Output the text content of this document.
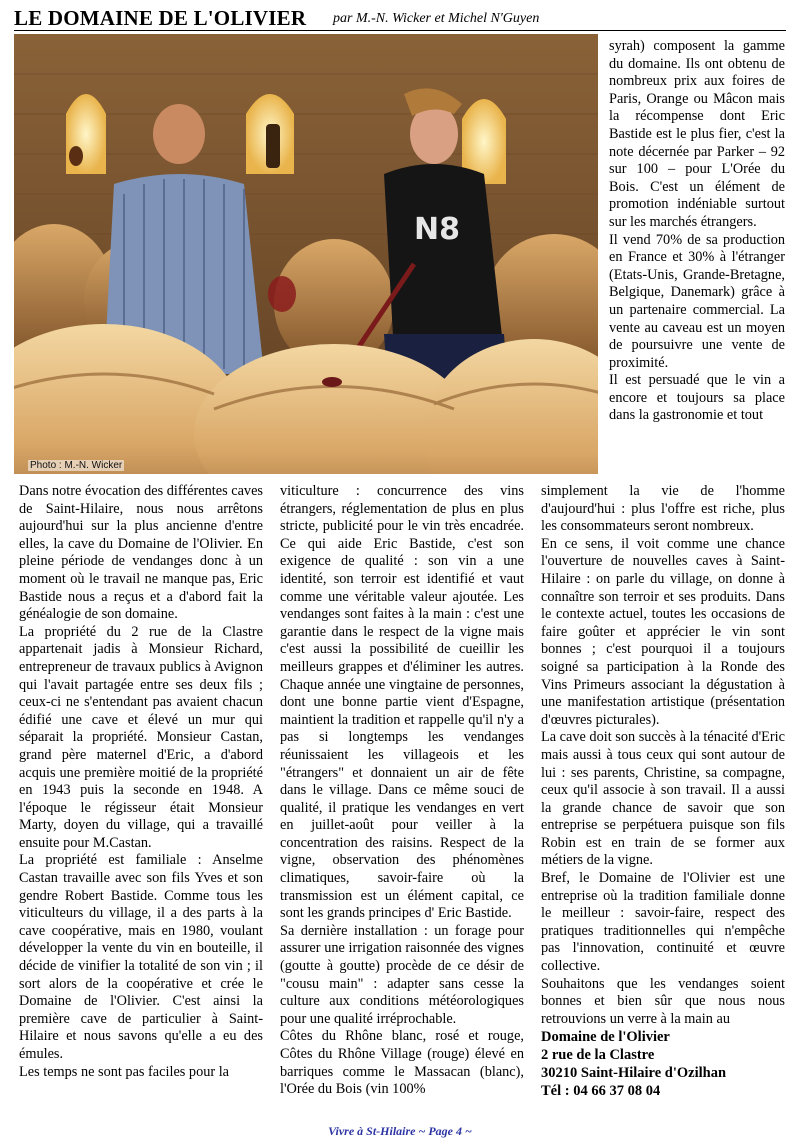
LE DOMAINE DE L'OLIVIER par M.-N. Wicker et Michel N'Guyen
N8
Photo : M.-N. Wicker

syrah) composent la gamme du domaine. Ils ont obtenu de nombreux prix aux foires de Paris, Orange ou Mâcon mais la récompense dont Eric Bastide est le plus fier, c'est la note décernée par Parker – 92 sur 100 – pour L'Orée du Bois. C'est un élément de promotion indéniable surtout sur les marchés étrangers.

Il vend 70% de sa production en France et 30% à l'étranger (Etats-Unis, Grande-Bretagne, Belgique, Danemark) grâce à un partenaire commercial. La vente au caveau est un moyen de poursuivre une vente de proximité.

Il est persuadé que le vin a encore et toujours sa place dans la gastronomie et tout

Dans notre évocation des différentes caves de Saint-Hilaire, nous nous arrêtons aujourd'hui sur la plus ancienne d'entre elles, la cave du Domaine de l'Olivier. En pleine période de vendanges donc à un moment où le travail ne manque pas, Eric Bastide nous a reçus et a d'abord fait la généalogie de son domaine.

La propriété du 2 rue de la Clastre appartenait jadis à Monsieur Richard, entrepreneur de travaux publics à Avignon qui l'avait partagée entre ses deux fils ; ceux-ci ne s'entendant pas avaient chacun édifié une cave et élevé un mur qui séparait la propriété. Monsieur Castan, grand père maternel d'Eric, a d'abord acquis une première moitié de la propriété en 1943 puis la seconde en 1948. A l'époque le régisseur était Monsieur Marty, doyen du village, qui a travaillé ensuite pour M.Castan.

La propriété est familiale : Anselme Castan travaille avec son fils Yves et son gendre Robert Bastide. Comme tous les viticulteurs du village, il a des parts à la cave coopérative, mais en 1980, voulant développer la vente du vin en bouteille, il décide de vinifier la totalité de son vin ; il sort alors de la coopérative et crée le Domaine de l'Olivier. C'est ainsi la première cave de particulier à Saint-Hilaire et nous savons qu'elle a eu des émules.

Les temps ne sont pas faciles pour la

viticulture : concurrence des vins étrangers, réglementation de plus en plus stricte, publicité pour le vin très encadrée. Ce qui aide Eric Bastide, c'est son exigence de qualité : son vin a une identité, son terroir est identifié et vaut comme une véritable valeur ajoutée. Les vendanges sont faites à la main : c'est une garantie dans le respect de la vigne mais c'est aussi la possibilité de cueillir les meilleurs grappes et d'éliminer les autres. Chaque année une vingtaine de personnes, dont une bonne partie vient d'Espagne, maintient la tradition et rappelle qu'il n'y a pas si longtemps les vendanges réunissaient les villageois et les "étrangers" et donnaient un air de fête dans le village. Dans ce même souci de qualité, il pratique les vendanges en vert en juillet-août pour veiller à la concentration des raisins. Respect de la vigne, observation des phénomènes climatiques, savoir-faire où la transmission est un élément capital, ce sont les grands principes d' Eric Bastide.

Sa dernière installation : un forage pour assurer une irrigation raisonnée des vignes (goutte à goutte) procède de ce désir de "cousu main" : adapter sans cesse la culture aux conditions météorologiques pour une qualité irréprochable.

Côtes du Rhône blanc, rosé et rouge, Côtes du Rhône Village (rouge) élevé en barriques comme le Massacan (blanc), l'Orée du Bois (vin 100%

simplement la vie de l'homme d'aujourd'hui : plus l'offre est riche, plus les consommateurs seront nombreux.

En ce sens, il voit comme une chance l'ouverture de nouvelles caves à Saint-Hilaire : on parle du village, on donne à connaître son terroir et ses produits. Dans le contexte actuel, toutes les occasions de faire goûter et apprécier le vin sont bonnes ; c'est pourquoi il a toujours soigné sa participation à la Ronde des Vins Primeurs associant la dégustation à une manifestation artistique (présentation d'œuvres picturales).

La cave doit son succès à la ténacité d'Eric mais aussi à tous ceux qui sont autour de lui : ses parents, Christine, sa compagne, ceux qu'il associe à son travail. Il a aussi la grande chance de savoir que son entreprise se perpétuera puisque son fils Robin est en train de se former aux métiers de la vigne.

Bref, le Domaine de l'Olivier est une entreprise où la tradition familiale donne le meilleur : savoir-faire, respect des pratiques traditionnelles qui n'empêche pas l'innovation, continuité et œuvre collective.

Souhaitons que les vendanges soient bonnes et bien sûr que nous nous retrouvions un verre à la main au

Domaine de l'Olivier
2 rue de la Clastre
30210 Saint-Hilaire d'Ozilhan
Tél : 04 66 37 08 04
Vivre à St-Hilaire ~ Page 4 ~
